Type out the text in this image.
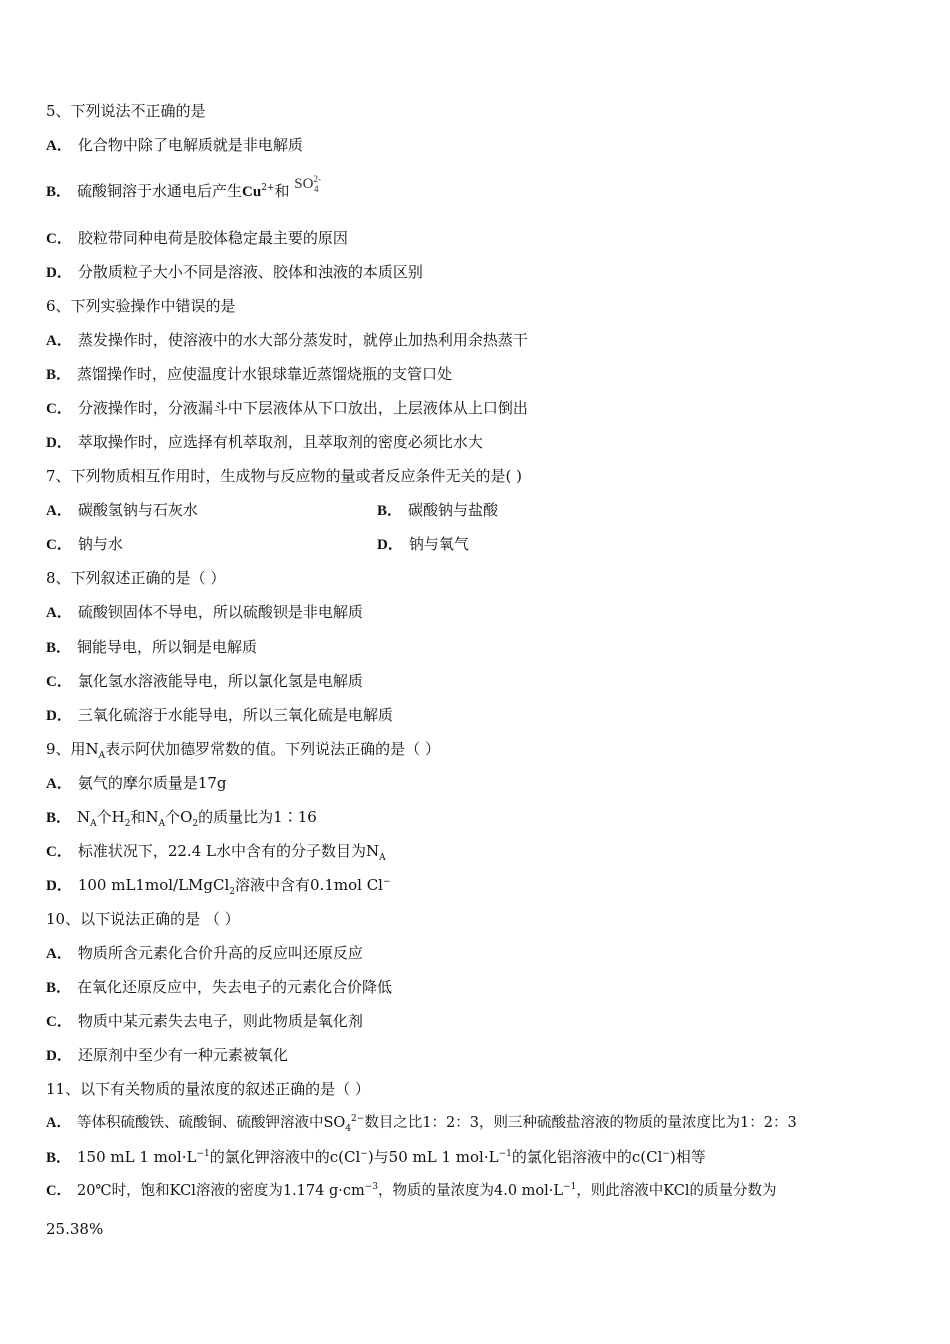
5、下列说法不正确的是
A． 化合物中除了电解质就是非电解质
B． 硫酸铜溶于水通电后产生$Cu^{2+}$和 $SO^{2-}_4$
C． 胶粒带同种电荷是胶体稳定最主要的原因
D． 分散质粒子大小不同是溶液、胶体和浊液的本质区别
6、下列实验操作中错误的是
A． 蒸发操作时，使溶液中的水大部分蒸发时，就停止加热利用余热蒸干
B． 蒸馏操作时，应使温度计水银球靠近蒸馏烧瓶的支管口处
C． 分液操作时，分液漏斗中下层液体从下口放出，上层液体从上口倒出
D． 萃取操作时，应选择有机萃取剂，且萃取剂的密度必须比水大
7、下列物质相互作用时，生成物与反应物的量或者反应条件无关的是( )
A． 碳酸氢钠与石灰水	B． 碳酸钠与盐酸
C． 钠与水	D． 钠与氧气
8、下列叙述正确的是（ ）
A． 硫酸钡固体不导电，所以硫酸钡是非电解质
B． 铜能导电，所以铜是电解质
C． 氯化氢水溶液能导电，所以氯化氢是电解质
D． 三氧化硫溶于水能导电，所以三氧化硫是电解质
9、用$N_A$表示阿伏加德罗常数的值。下列说法正确的是（ ）
A． 氨气的摩尔质量是17g
B． $N_A$个$H_2$和$N_A$个$O_2$的质量比为1∶16
C． 标准状况下，22.4 L水中含有的分子数目为$N_A$
D． 100 mL1mol/LMgCl$_2$溶液中含有0.1mol Cl−
10、以下说法正确的是 （ ）
A． 物质所含元素化合价升高的反应叫还原反应
B． 在氧化还原反应中，失去电子的元素化合价降低
C． 物质中某元素失去电子，则此物质是氧化剂
D． 还原剂中至少有一种元素被氧化
11、以下有关物质的量浓度的叙述正确的是（ ）
A． 等体积硫酸铁、硫酸铜、硫酸钾溶液中$SO_4^{2-}$数目之比1：2：3，则三种硫酸盐溶液的物质的量浓度比为1：2：3
B． 150 mL 1 $mol\cdot L^{-1}$的氯化钾溶液中的c(Cl−)与50 mL 1 $mol\cdot L^{-1}$的氯化铝溶液中的c(Cl−)相等
C． 20℃时，饱和KCl溶液的密度为1.174 $g\cdot cm^{-3}$，物质的量浓度为4.0 $mol\cdot L^{-1}$，则此溶液中KCl的质量分数为
25.38%
